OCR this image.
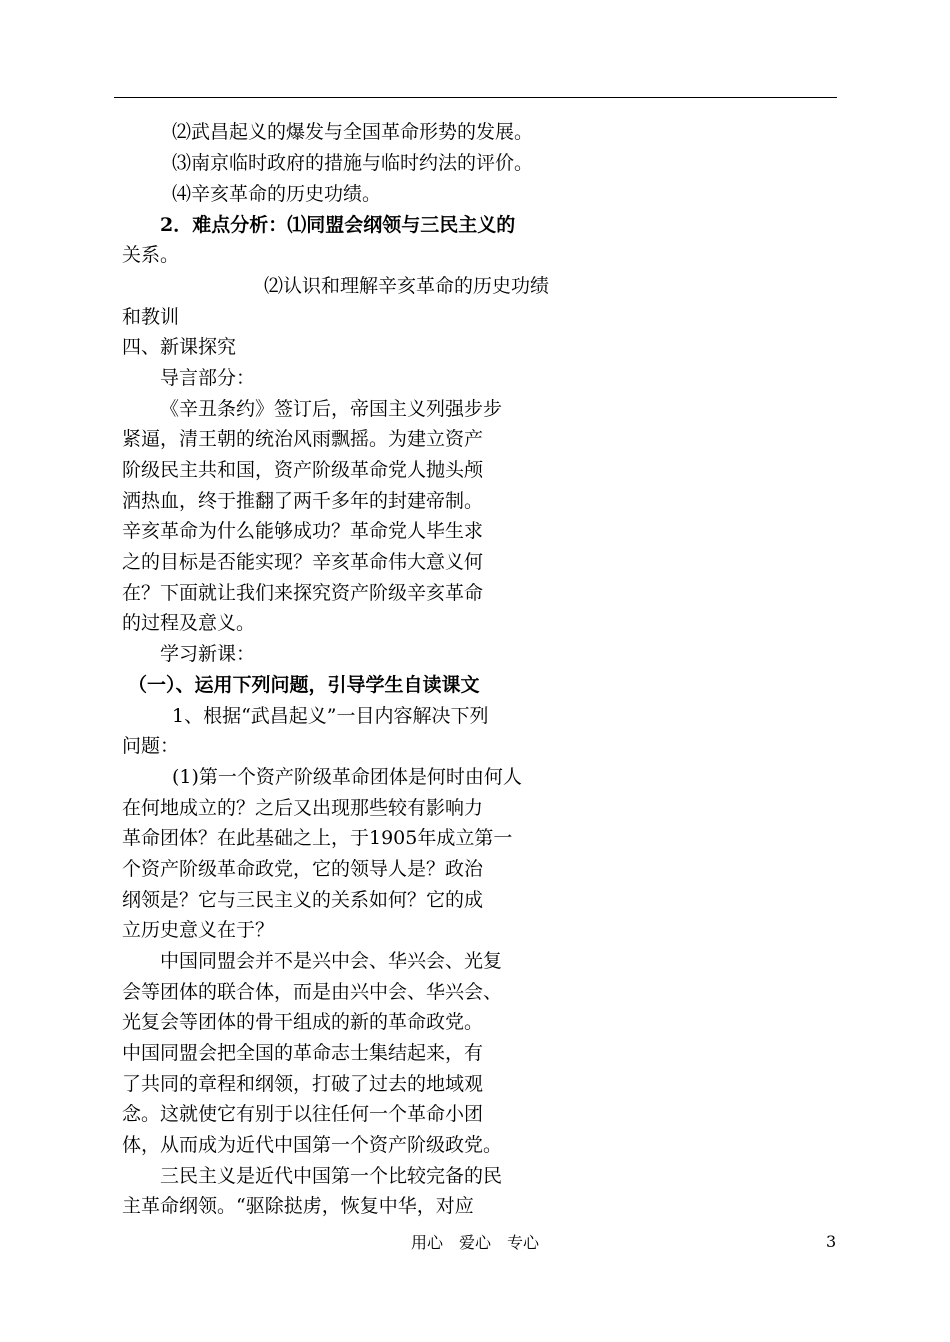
⑵武昌起义的爆发与全国革命形势的发展。
⑶南京临时政府的措施与临时约法的评价。
⑷辛亥革命的历史功绩。
2．难点分析：⑴同盟会纲领与三民主义的
关系。
⑵认识和理解辛亥革命的历史功绩
和教训
四、新课探究
导言部分：
《辛丑条约》签订后，帝国主义列强步步
紧逼，清王朝的统治风雨飘摇。为建立资产
阶级民主共和国，资产阶级革命党人抛头颅
洒热血，终于推翻了两千多年的封建帝制。
辛亥革命为什么能够成功？革命党人毕生求
之的目标是否能实现？辛亥革命伟大意义何
在？下面就让我们来探究资产阶级辛亥革命
的过程及意义。
学习新课：
（一）、运用下列问题，引导学生自读课文
1、根据“武昌起义”一目内容解决下列
问题：
(1)第一个资产阶级革命团体是何时由何人
在何地成立的？之后又出现那些较有影响力
革命团体？在此基础之上，于1905年成立第一
个资产阶级革命政党，它的领导人是？政治
纲领是？它与三民主义的关系如何？它的成
立历史意义在于？
中国同盟会并不是兴中会、华兴会、光复
会等团体的联合体，而是由兴中会、华兴会、
光复会等团体的骨干组成的新的革命政党。
中国同盟会把全国的革命志士集结起来，有
了共同的章程和纲领，打破了过去的地域观
念。这就使它有别于以往任何一个革命小团
体，从而成为近代中国第一个资产阶级政党。
三民主义是近代中国第一个比较完备的民
主革命纲领。“驱除挞虏，恢复中华，对应
用心　爱心　专心	3
